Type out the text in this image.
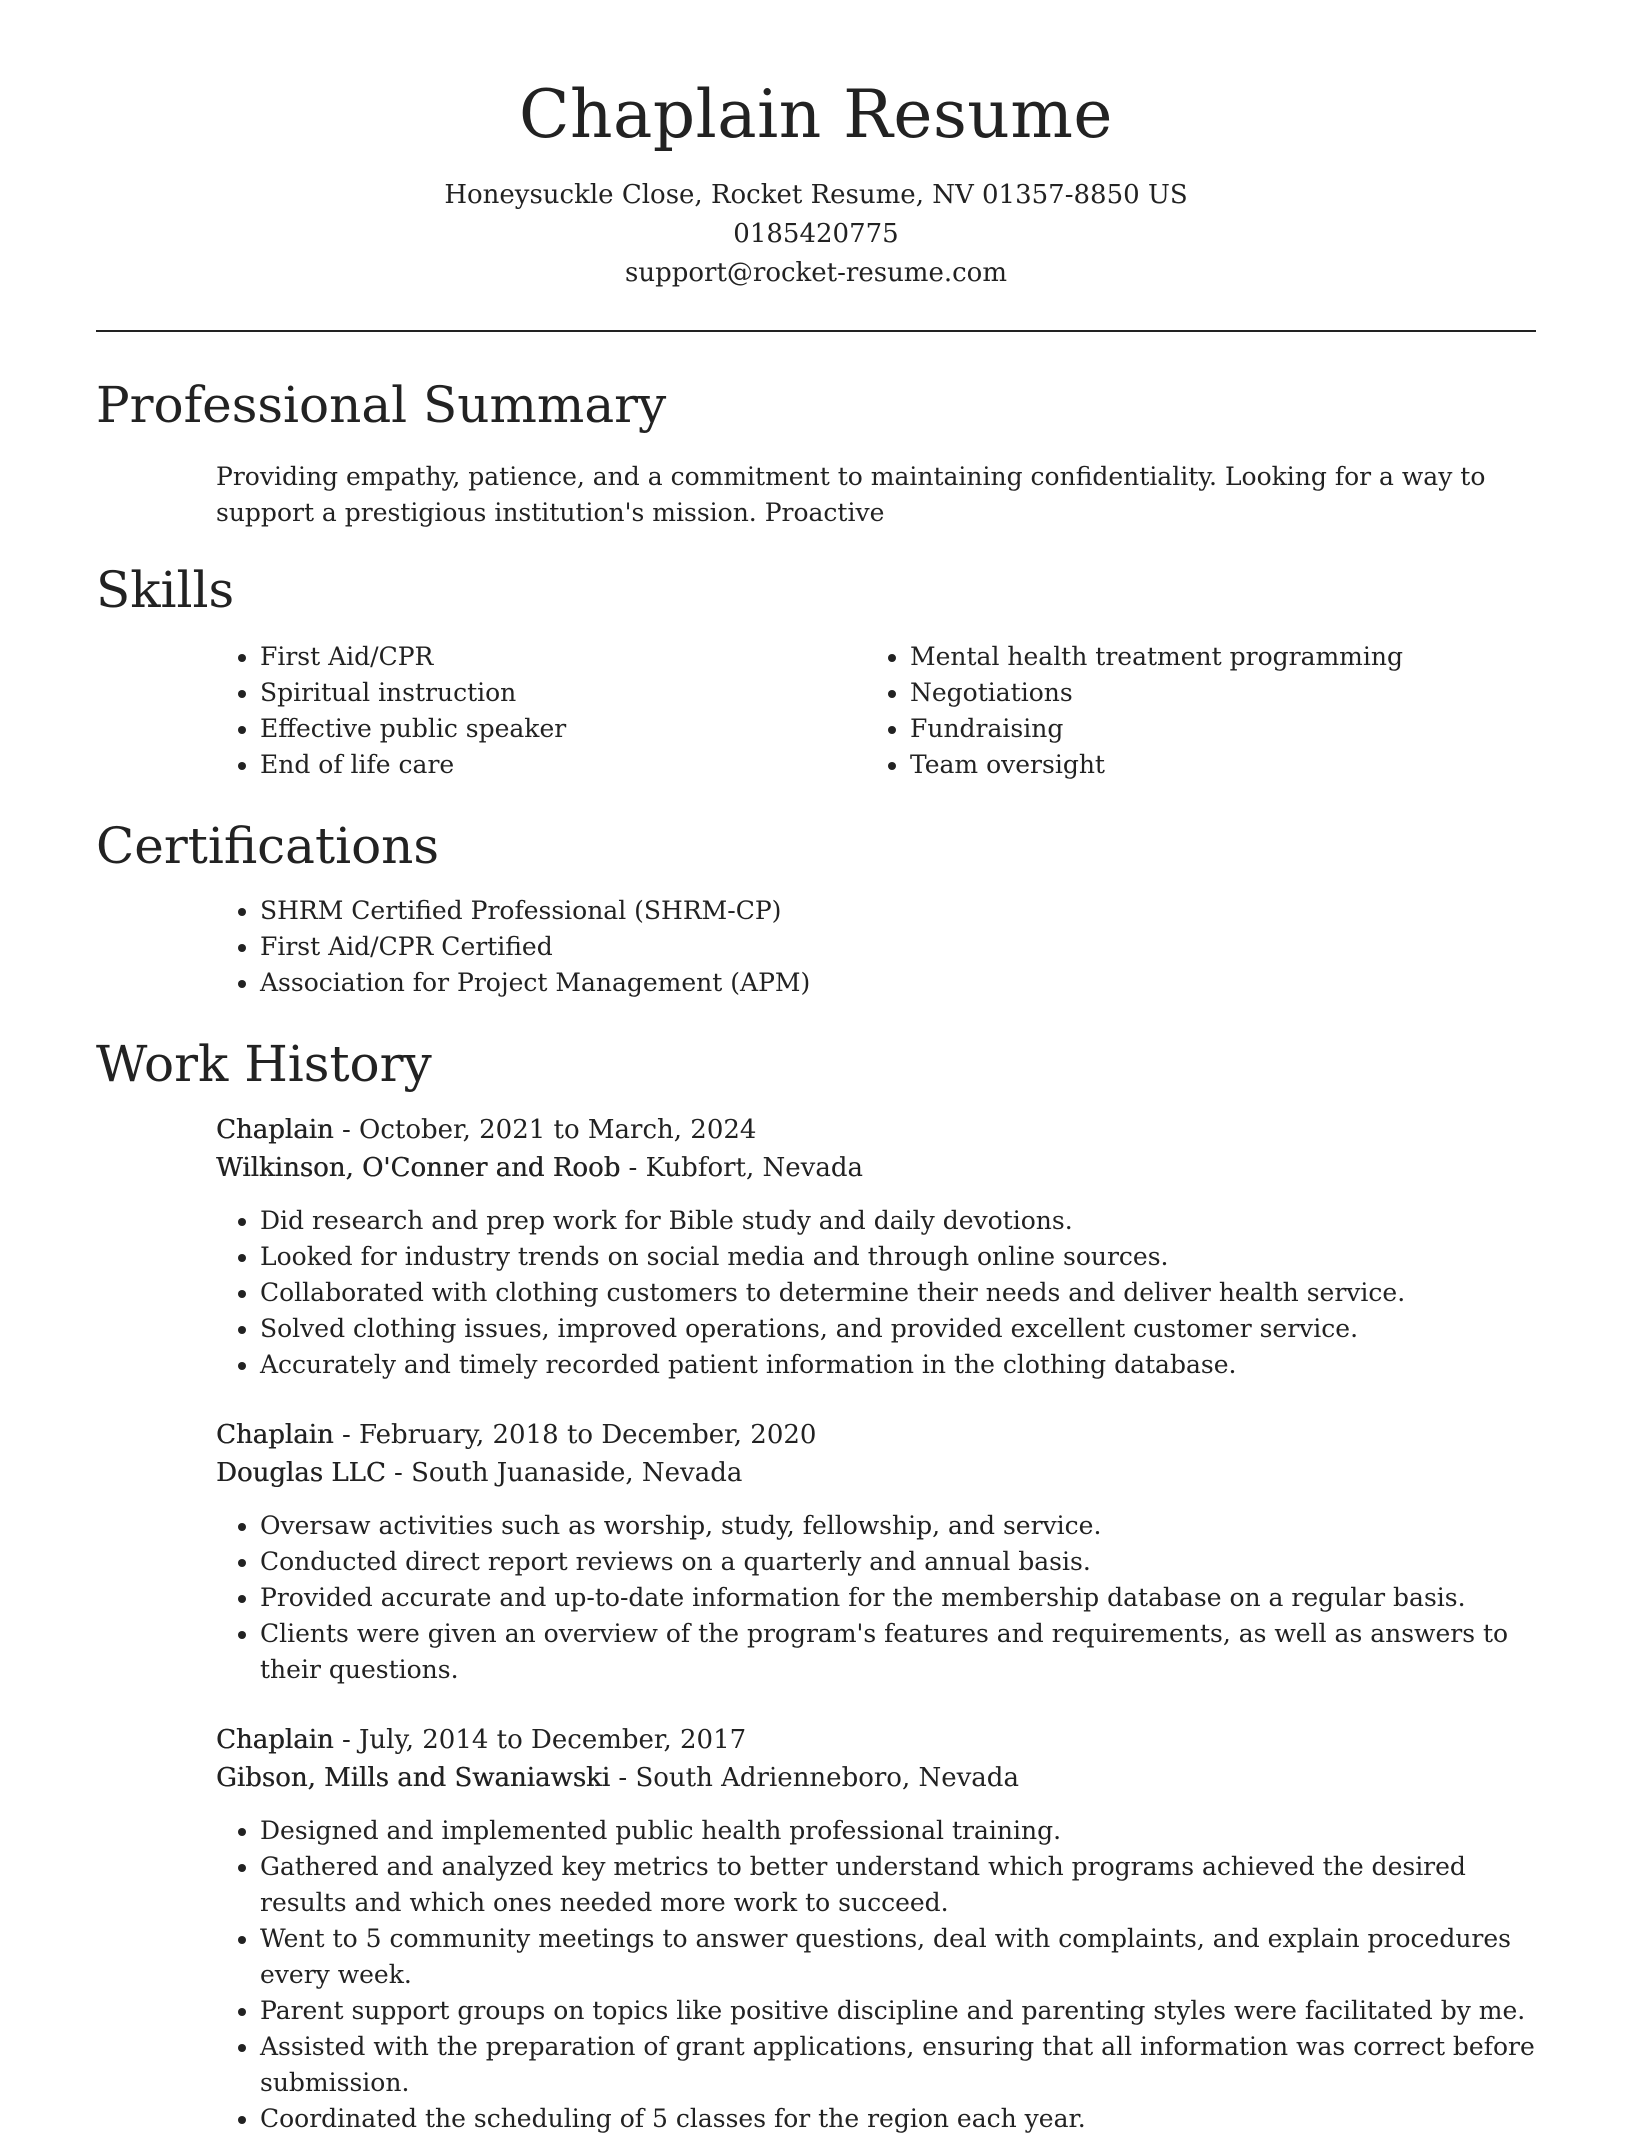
Chaplain Resume
Honeysuckle Close, Rocket Resume, NV 01357-8850 US
0185420775
support@rocket-resume.com
Professional Summary

Providing empathy, patience, and a commitment to maintaining confidentiality. Looking for a way to support a prestigious institution's mission. Proactive

Skills
• First Aid/CPR
• Spiritual instruction
• Effective public speaker
• End of life care
• Mental health treatment programming
• Negotiations
• Fundraising
• Team oversight
Certifications
• SHRM Certified Professional (SHRM-CP)
• First Aid/CPR Certified
• Association for Project Management (APM)
Work History
Chaplain - October, 2021 to March, 2024
Wilkinson, O'Conner and Roob - Kubfort, Nevada
• Did research and prep work for Bible study and daily devotions.
• Looked for industry trends on social media and through online sources.
• Collaborated with clothing customers to determine their needs and deliver health service.
• Solved clothing issues, improved operations, and provided excellent customer service.
• Accurately and timely recorded patient information in the clothing database.
Chaplain - February, 2018 to December, 2020
Douglas LLC - South Juanaside, Nevada
• Oversaw activities such as worship, study, fellowship, and service.
• Conducted direct report reviews on a quarterly and annual basis.
• Provided accurate and up-to-date information for the membership database on a regular basis.
• Clients were given an overview of the program's features and requirements, as well as answers to their questions.
Chaplain - July, 2014 to December, 2017
Gibson, Mills and Swaniawski - South Adrienneboro, Nevada
• Designed and implemented public health professional training.
• Gathered and analyzed key metrics to better understand which programs achieved the desired results and which ones needed more work to succeed.
• Went to 5 community meetings to answer questions, deal with complaints, and explain procedures every week.
• Parent support groups on topics like positive discipline and parenting styles were facilitated by me.
• Assisted with the preparation of grant applications, ensuring that all information was correct before submission.
• Coordinated the scheduling of 5 classes for the region each year.
